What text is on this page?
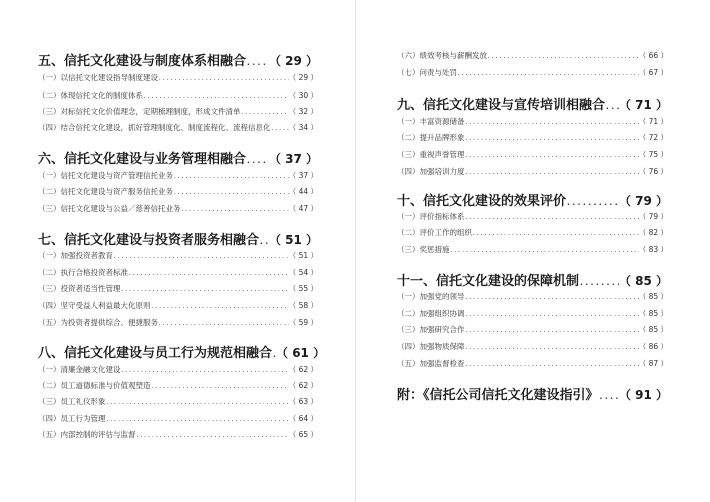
五、信托文化建设与制度体系相融合 ..... （ 29 ）
（一）以信托文化建设指导制度建设 .....	（ 29 ）
（二）体现信托文化的制度体系 .....	（ 30 ）
（三）对标信托文化价值理念，定期梳理制度，形成文件清单 .....	（ 32 ）
（四）结合信托文化建设，抓好管理制度化、制度流程化、流程信息化 ..... （ 34 ）
六、信托文化建设与业务管理相融合 ..... （ 37 ）
（一）信托文化建设与资产管理信托业务 .....	（ 37 ）
（二）信托文化建设与资产服务信托业务 .....	（ 44 ）
（三）信托文化建设与公益／慈善信托业务 .....	（ 47 ）
七、信托文化建设与投资者服务相融合 ..... （ 51 ）
（一）加强投资者教育 .....	（ 51 ）
（二）执行合格投资者标准 .....	（ 54 ）
（三）投资者适当性管理 .....	（ 55 ）
（四）坚守受益人利益最大化原则 .....	（ 58 ）
（五）为投资者提供综合、便捷服务 .....	（ 59 ）
八、信托文化建设与员工行为规范相融合 ..... （ 61 ）
（一）清廉金融文化建设 .....	（ 62 ）
（二）员工道德标准与价值观塑造 .....	（ 62 ）
（三）员工礼仪形象 .....	（ 63 ）
（四）员工行为管理 .....	（ 64 ）
（五）内部控制的评估与监督 .....	（ 65 ）
（六）绩效考核与薪酬发放 .....	（ 66 ）
（七）问责与处罚 .....	（ 67 ）
九、信托文化建设与宣传培训相融合 ..... （ 71 ）
（一）丰富资源储备 .....	（ 71 ）
（二）提升品牌形象 .....	（ 72 ）
（三）重视声誉管理 .....	（ 75 ）
（四）加强培训力度 .....	（ 76 ）
十、信托文化建设的效果评价 .....	（ 79 ）
（一）评价指标体系 .....	（ 79 ）
（二）评价工作的组织 .....	（ 82 ）
（三）奖惩措施 .....	（ 83 ）
十一、信托文化建设的保障机制 .....	（ 85 ）
（一）加强党的领导 .....	（ 85 ）
（二）加强组织协调 .....	（ 85 ）
（三）加强研究合作 .....	（ 85 ）
（四）加强物质保障 .....	（ 86 ）
（五）加强监督检查 .....	（ 87 ）
附：《信托公司信托文化建设指引》 ..... （ 91 ）
